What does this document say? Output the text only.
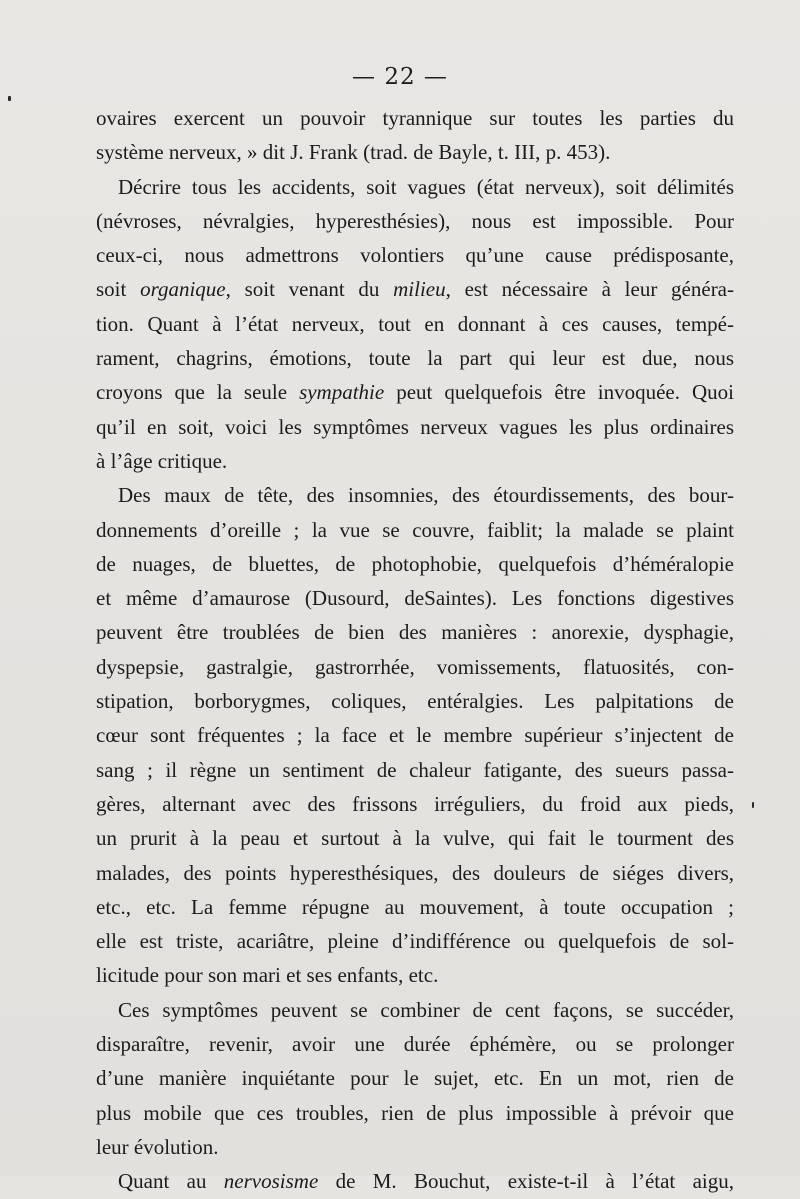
— 22 —
ovaires exercent un pouvoir tyrannique sur toutes les parties du
système nerveux, » dit J. Frank (trad. de Bayle, t. III, p. 453).
Décrire tous les accidents, soit vagues (état nerveux), soit délimités
(névroses, névralgies, hyperesthésies), nous est impossible. Pour
ceux-ci, nous admettrons volontiers qu’une cause prédisposante,
soit organique, soit venant du milieu, est nécessaire à leur généra-
tion. Quant à l’état nerveux, tout en donnant à ces causes, tempé-
rament, chagrins, émotions, toute la part qui leur est due, nous
croyons que la seule sympathie peut quelquefois être invoquée. Quoi
qu’il en soit, voici les symptômes nerveux vagues les plus ordinaires
à l’âge critique.
Des maux de tête, des insomnies, des étourdissements, des bour-
donnements d’oreille ; la vue se couvre, faiblit; la malade se plaint
de nuages, de bluettes, de photophobie, quelquefois d’héméralopie
et même d’amaurose (Dusourd, deSaintes). Les fonctions digestives
peuvent être troublées de bien des manières : anorexie, dysphagie,
dyspepsie, gastralgie, gastrorrhée, vomissements, flatuosités, con-
stipation, borborygmes, coliques, entéralgies. Les palpitations de
cœur sont fréquentes ; la face et le membre supérieur s’injectent de
sang ; il règne un sentiment de chaleur fatigante, des sueurs passa-
gères, alternant avec des frissons irréguliers, du froid aux pieds,
un prurit à la peau et surtout à la vulve, qui fait le tourment des
malades, des points hyperesthésiques, des douleurs de siéges divers,
etc., etc. La femme répugne au mouvement, à toute occupation ;
elle est triste, acariâtre, pleine d’indifférence ou quelquefois de sol-
licitude pour son mari et ses enfants, etc.
Ces symptômes peuvent se combiner de cent façons, se succéder,
disparaître, revenir, avoir une durée éphémère, ou se prolonger
d’une manière inquiétante pour le sujet, etc. En un mot, rien de
plus mobile que ces troubles, rien de plus impossible à prévoir que
leur évolution.
Quant au nervosisme de M. Bouchut, existe-t-il à l’état aigu,
